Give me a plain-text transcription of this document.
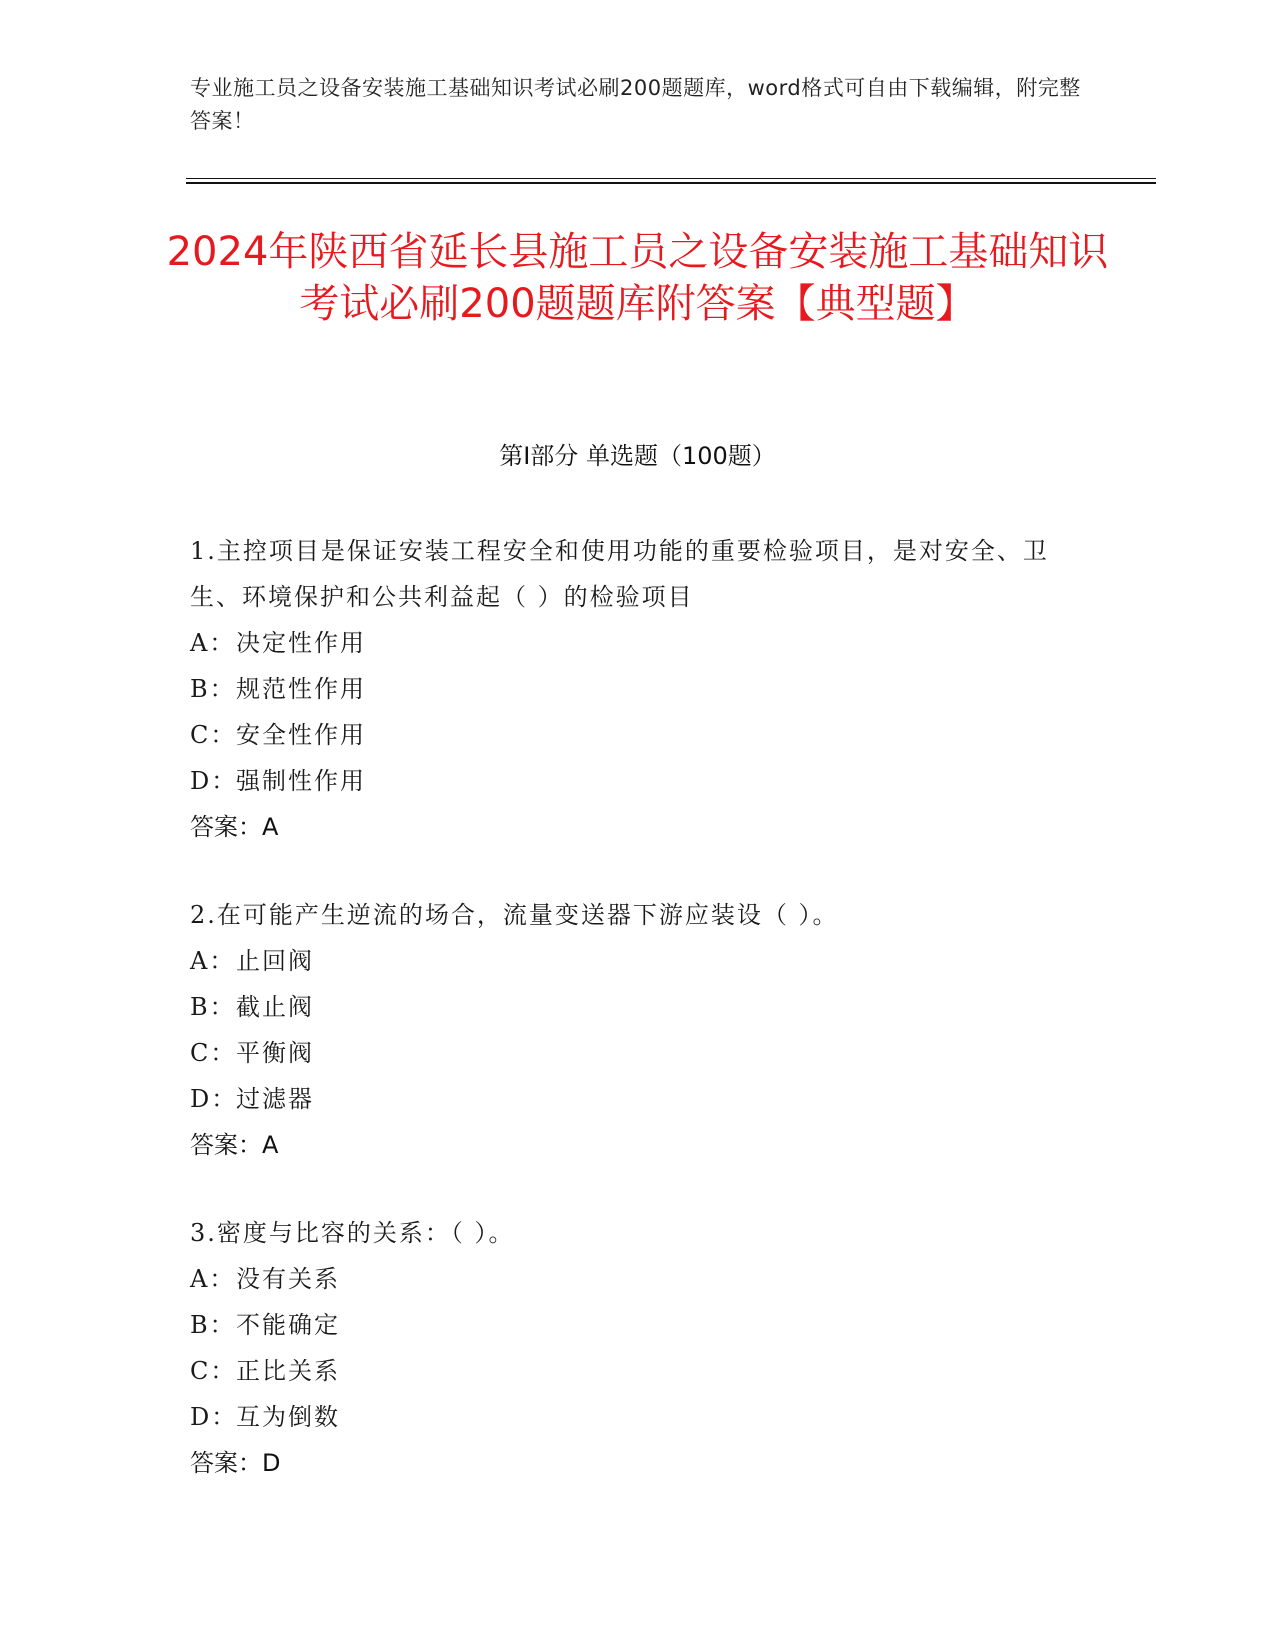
专业施工员之设备安装施工基础知识考试必刷200题题库，word格式可自由下载编辑，附完整答案！
2024年陕西省延长县施工员之设备安装施工基础知识考试必刷200题题库附答案【典型题】
第I部分 单选题（100题）

1.主控项目是保证安装工程安全和使用功能的重要检验项目，是对安全、卫生、环境保护和公共利益起（ ）的检验项目

A： 决定性作用
B： 规范性作用
C： 安全性作用
D：
强制性作用
答案：A

2.在可能产生逆流的场合，流量变送器下游应装设（ ）。

A： 止回阀
B： 截止阀
C： 平衡阀
D：
过滤器
答案：A

3.密度与比容的关系：（ ）。

A： 没有关系
B： 不能确定
C： 正比关系
D：
互为倒数
答案：D
